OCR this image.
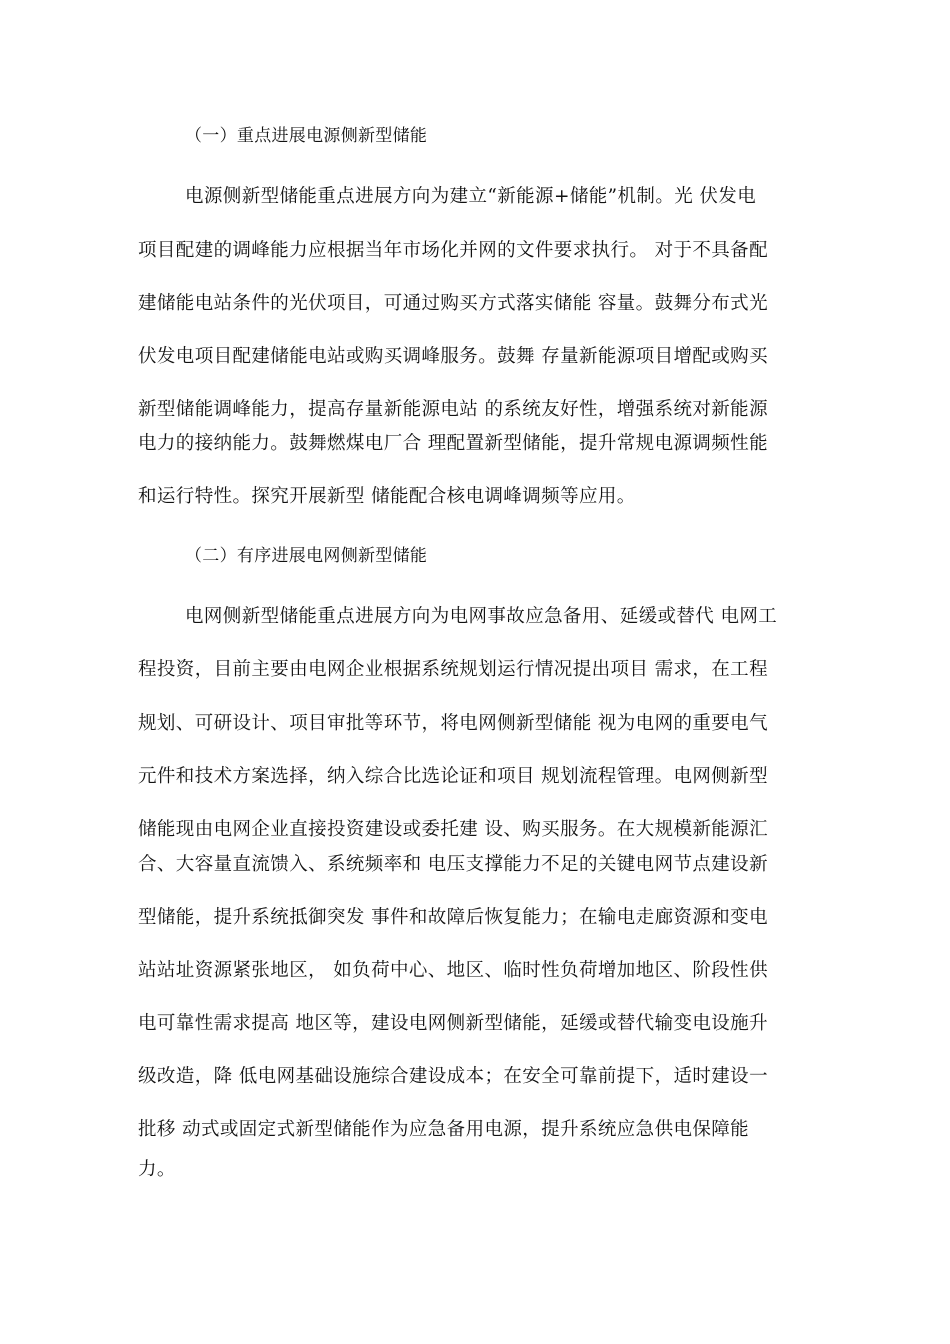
（一）重点进展电源侧新型储能
电源侧新型储能重点进展方向为建立“新能源+储能”机制。光 伏发电
项目配建的调峰能力应根据当年市场化并网的文件要求执行。 对于不具备配
建储能电站条件的光伏项目，可通过购买方式落实储能 容量。鼓舞分布式光
伏发电项目配建储能电站或购买调峰服务。鼓舞 存量新能源项目增配或购买
新型储能调峰能力，提高存量新能源电站 的系统友好性，增强系统对新能源
电力的接纳能力。鼓舞燃煤电厂合 理配置新型储能，提升常规电源调频性能
和运行特性。探究开展新型 储能配合核电调峰调频等应用。
（二）有序进展电网侧新型储能
电网侧新型储能重点进展方向为电网事故应急备用、延缓或替代 电网工
程投资，目前主要由电网企业根据系统规划运行情况提出项目 需求，在工程
规划、可研设计、项目审批等环节，将电网侧新型储能 视为电网的重要电气
元件和技术方案选择，纳入综合比选论证和项目 规划流程管理。电网侧新型
储能现由电网企业直接投资建设或委托建 设、购买服务。在大规模新能源汇
合、大容量直流馈入、系统频率和 电压支撑能力不足的关键电网节点建设新
型储能，提升系统抵御突发 事件和故障后恢复能力；在输电走廊资源和变电
站站址资源紧张地区， 如负荷中心、地区、临时性负荷增加地区、阶段性供
电可靠性需求提高 地区等，建设电网侧新型储能，延缓或替代输变电设施升
级改造，降 低电网基础设施综合建设成本；在安全可靠前提下，适时建设一
批移 动式或固定式新型储能作为应急备用电源，提升系统应急供电保障能
力。
